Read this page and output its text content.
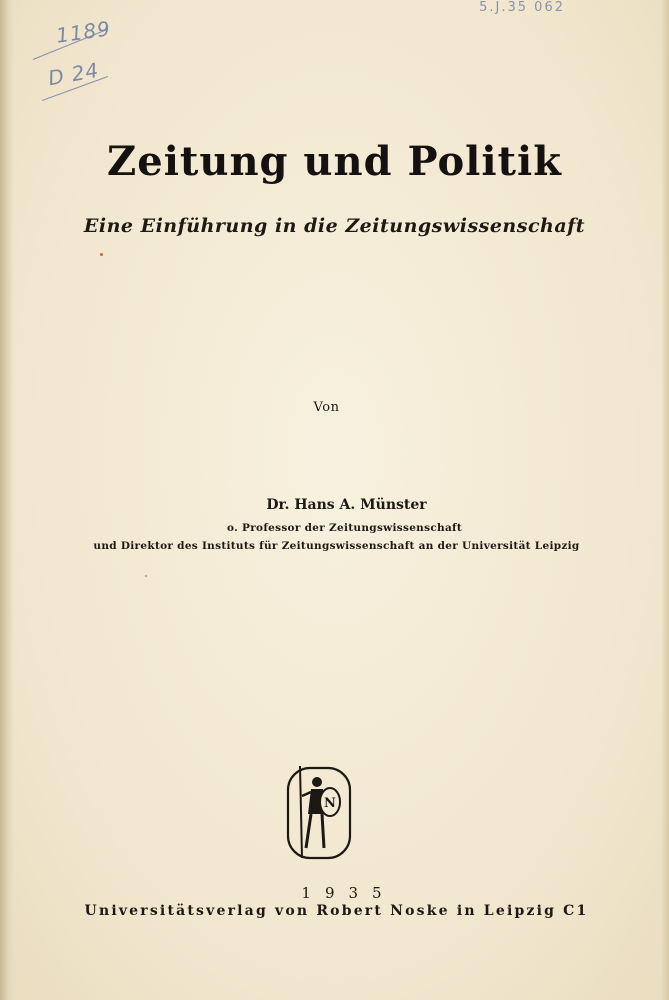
1189
D 24
5.J.35 062
Zeitung und Politik
Eine Einführung in die Zeitungswissenschaft
Von
Dr. Hans A. Münster
o. Professor der Zeitungswissenschaft
und Direktor des Instituts für Zeitungswissenschaft an der Universität Leipzig
N
1935
Universitätsverlag von Robert Noske in Leipzig C1
